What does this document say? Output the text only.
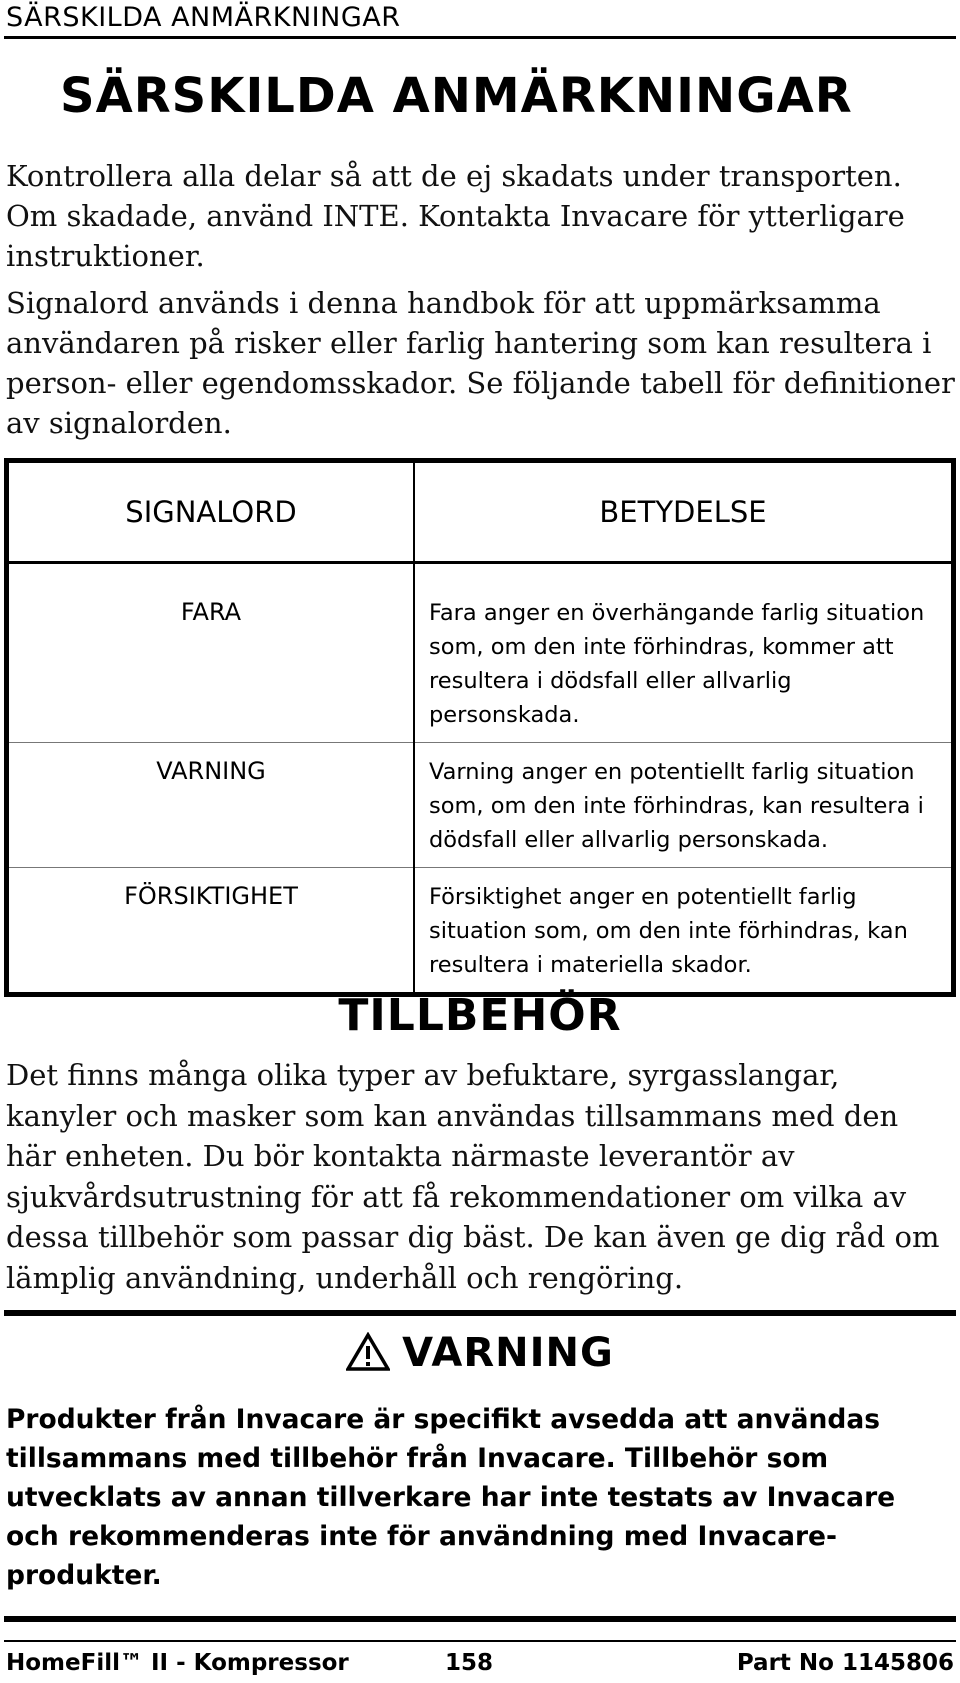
SÄRSKILDA ANMÄRKNINGAR
SÄRSKILDA ANMÄRKNINGAR

Kontrollera alla delar så att de ej skadats under transporten. Om skadade, använd INTE. Kontakta Invacare för ytterligare instruktioner.

Signalord används i denna handbok för att uppmärksamma användaren på risker eller farlig hantering som kan resultera i person- eller egendomsskador. Se följande tabell för definitioner av signalorden.

SIGNALORD	BETYDELSE
FARA	Fara anger en överhängande farlig situation som, om den inte förhindras, kommer att resultera i dödsfall eller allvarlig personskada.
VARNING	Varning anger en potentiellt farlig situation som, om den inte förhindras, kan resultera i dödsfall eller allvarlig personskada.
FÖRSIKTIGHET	Försiktighet anger en potentiellt farlig situation som, om den inte förhindras, kan resultera i materiella skador.
TILLBEHÖR

Det finns många olika typer av befuktare, syrgasslangar, kanyler och masker som kan användas tillsammans med den här enheten. Du bör kontakta närmaste leverantör av sjukvårdsutrustning för att få rekommendationer om vilka av dessa tillbehör som passar dig bäst. De kan även ge dig råd om lämplig användning, underhåll och rengöring.

VARNING

Produkter från Invacare är specifikt avsedda att användas tillsammans med tillbehör från Invacare. Tillbehör som utvecklats av annan tillverkare har inte testats av Invacare och rekommenderas inte för användning med Invacare-produkter.

HomeFill™ II - Kompressor	158	Part No 1145806
